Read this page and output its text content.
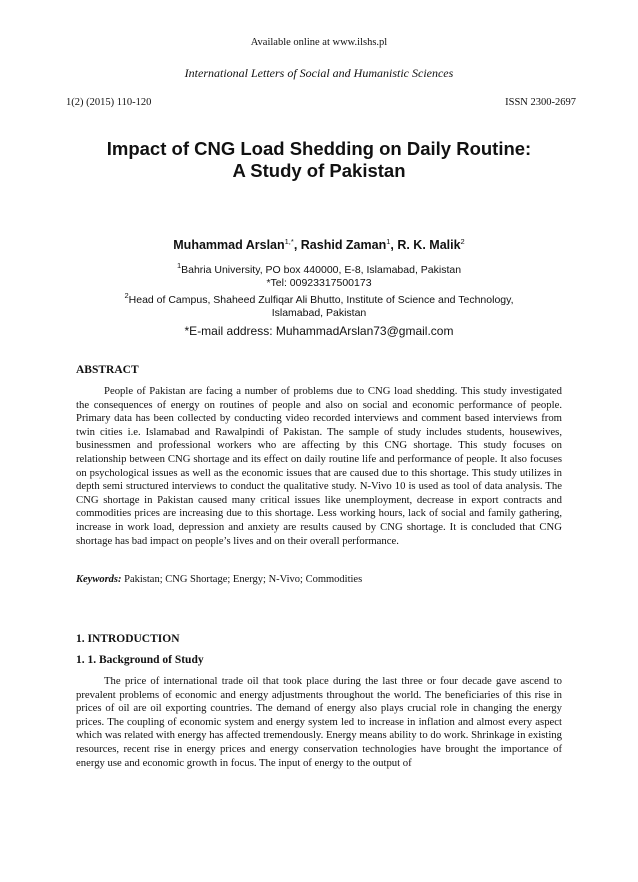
Available online at www.ilshs.pl
International Letters of Social and Humanistic Sciences
1(2) (2015) 110-120	ISSN 2300-2697
Impact of CNG Load Shedding on Daily Routine:
A Study of Pakistan
Muhammad Arslan$^{1,*}$, Rashid Zaman$^1$, R. K. Malik$^2$
$^1$Bahria University, PO box 440000, E-8, Islamabad, Pakistan
*Tel: 00923317500173
$^2$Head of Campus, Shaheed Zulfiqar Ali Bhutto, Institute of Science and Technology,
Islamabad, Pakistan
*E-mail address: MuhammadArslan73@gmail.com
ABSTRACT
People of Pakistan are facing a number of problems due to CNG load shedding. This study investigated the consequences of energy on routines of people and also on social and economic performance of people. Primary data has been collected by conducting video recorded interviews and comment based interviews from twin cities i.e. Islamabad and Rawalpindi of Pakistan. The sample of study includes students, housewives, businessmen and professional workers who are affecting by this CNG shortage. This study focuses on relationship between CNG shortage and its effect on daily routine life and performance of people. It also focuses on psychological issues as well as the economic issues that are caused due to this shortage. This study utilizes in depth semi structured interviews to conduct the qualitative study. N-Vivo 10 is used as tool of data analysis. The CNG shortage in Pakistan caused many critical issues like unemployment, decrease in export contracts and commodities prices are increasing due to this shortage. Less working hours, lack of social and family gathering, increase in work load, depression and anxiety are results caused by CNG shortage. It is concluded that CNG shortage has bad impact on people’s lives and on their overall performance.
Keywords: Pakistan; CNG Shortage; Energy; N-Vivo; Commodities
1. INTRODUCTION
1. 1. Background of Study
The price of international trade oil that took place during the last three or four decade gave ascend to prevalent problems of economic and energy adjustments throughout the world. The beneficiaries of this rise in prices of oil are oil exporting countries. The demand of energy also plays crucial role in changing the energy prices. The coupling of economic system and energy system led to increase in inflation and almost every aspect which was related with energy has affected tremendously. Energy means ability to do work. Shrinkage in existing resources, recent rise in energy prices and energy conservation technologies have brought the importance of energy use and economic growth in focus. The input of energy to the output of
